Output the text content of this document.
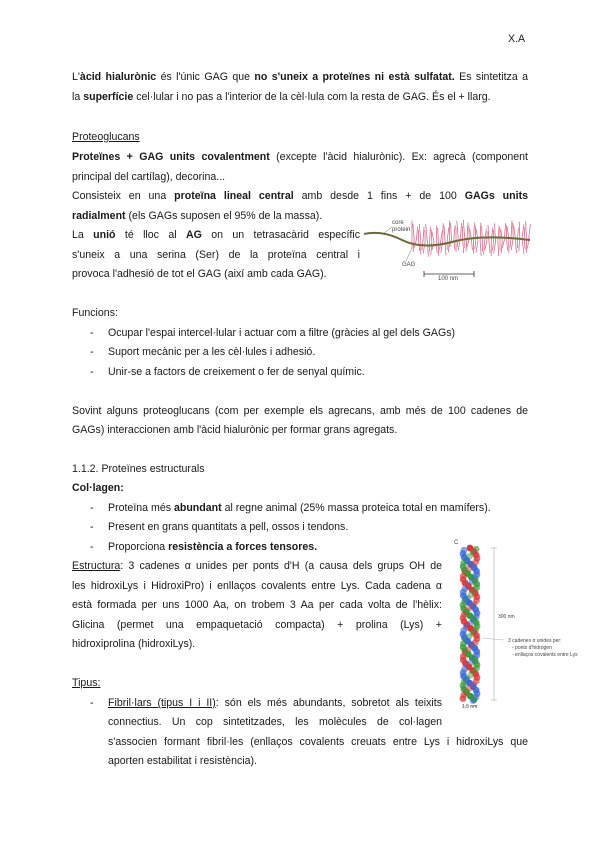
X.A
L'àcid hialurònic és l'únic GAG que no s'uneix a proteïnes ni està sulfatat. Es sintetitza a
la superfície cel·lular i no pas a l'interior de la cèl·lula com la resta de GAG. És el + llarg.
Proteoglucans
Proteïnes + GAG units covalentment (excepte l'àcid hialurònic). Ex: agrecà (component
principal del cartílag), decorina...
Consisteix en una proteïna lineal central amb desde 1 fins + de 100 GAGs units
radialment (els GAGs suposen el 95% de la massa).
La unió té lloc al AG on un tetrasacàrid específic
s'uneix a una serina (Ser) de la proteïna central i
provoca l'adhesió de tot el GAG (així amb cada GAG).
core
protein
GAG
100 nm
Funcions:
- Ocupar l'espai intercel·lular i actuar com a filtre (gràcies al gel dels GAGs)
- Suport mecànic per a les cèl·lules i adhesió.
- Unir-se a factors de creixement o fer de senyal químic.
Sovint alguns proteoglucans (com per exemple els agrecans, amb més de 100 cadenes de
GAGs) interaccionen amb l'àcid hialurònic per formar grans agregats.
1.1.2. Proteïnes estructurals
Col·lagen:
- Proteïna més abundant al regne animal (25% massa proteica total en mamífers).
- Present en grans quantitats a pell, ossos i tendons.
- Proporciona resistència a forces tensores.
Estructura: 3 cadenes α unides per ponts d'H (a causa dels grups OH de
les hidroxiLys i HidroxiPro) i enllaços covalents entre Lys. Cada cadena α
està formada per uns 1000 Aa, on trobem 3 Aa per cada volta de l'hèlix:
Glicina (permet una empaquetació compacta) + prolina (Lys) +
hidroxiprolina (hidroxiLys).
C
300 nm
1,5 nm
3 cadenes α unides per:
- ponts d'hidrogen
- enllaços covalents entre Lys
Tipus:
- Fibril·lars (tipus I i II): són els més abundants, sobretot als teixits
connectius. Un cop sintetitzades, les molècules de col·lagen
s'associen formant fibril·les (enllaços covalents creuats entre Lys i hidroxiLys que
aporten estabilitat i resistència).
